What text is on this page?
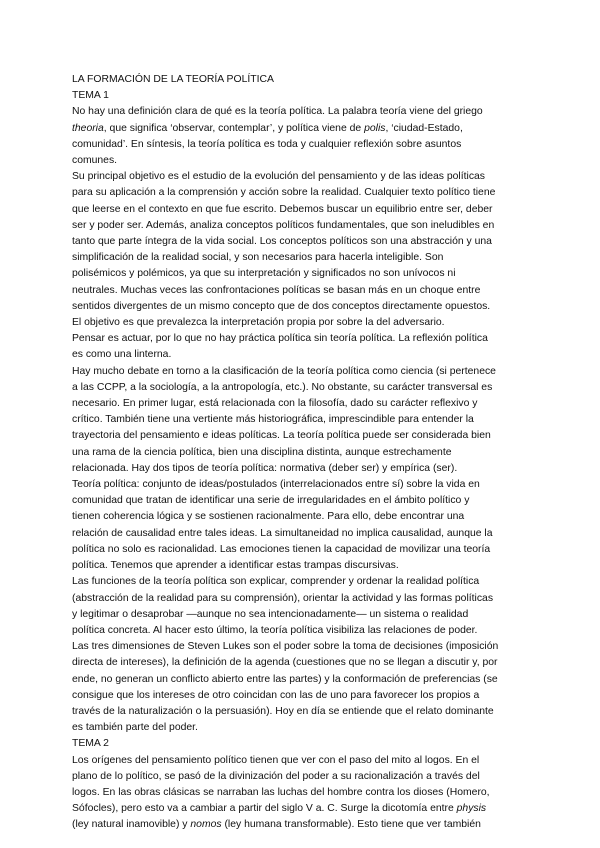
LA FORMACIÓN DE LA TEORÍA POLÍTICA
TEMA 1

No hay una definición clara de qué es la teoría política. La palabra teoría viene del griego
theoria, que significa ‘observar, contemplar’, y política viene de polis, ‘ciudad-Estado,
comunidad’. En síntesis, la teoría política es toda y cualquier reflexión sobre asuntos
comunes.

Su principal objetivo es el estudio de la evolución del pensamiento y de las ideas políticas
para su aplicación a la comprensión y acción sobre la realidad. Cualquier texto político tiene
que leerse en el contexto en que fue escrito. Debemos buscar un equilibrio entre ser, deber
ser y poder ser. Además, analiza conceptos políticos fundamentales, que son ineludibles en
tanto que parte íntegra de la vida social. Los conceptos políticos son una abstracción y una
simplificación de la realidad social, y son necesarios para hacerla inteligible. Son
polisémicos y polémicos, ya que su interpretación y significados no son unívocos ni
neutrales. Muchas veces las confrontaciones políticas se basan más en un choque entre
sentidos divergentes de un mismo concepto que de dos conceptos directamente opuestos.
El objetivo es que prevalezca la interpretación propia por sobre la del adversario.

Pensar es actuar, por lo que no hay práctica política sin teoría política. La reflexión política
es como una linterna.

Hay mucho debate en torno a la clasificación de la teoría política como ciencia (si pertenece
a las CCPP, a la sociología, a la antropología, etc.). No obstante, su carácter transversal es
necesario. En primer lugar, está relacionada con la filosofía, dado su carácter reflexivo y
crítico. También tiene una vertiente más historiográfica, imprescindible para entender la
trayectoria del pensamiento e ideas políticas. La teoría política puede ser considerada bien
una rama de la ciencia política, bien una disciplina distinta, aunque estrechamente
relacionada. Hay dos tipos de teoría política: normativa (deber ser) y empírica (ser).

Teoría política: conjunto de ideas/postulados (interrelacionados entre sí) sobre la vida en
comunidad que tratan de identificar una serie de irregularidades en el ámbito político y
tienen coherencia lógica y se sostienen racionalmente. Para ello, debe encontrar una
relación de causalidad entre tales ideas. La simultaneidad no implica causalidad, aunque la
política no solo es racionalidad. Las emociones tienen la capacidad de movilizar una teoría
política. Tenemos que aprender a identificar estas trampas discursivas.

Las funciones de la teoría política son explicar, comprender y ordenar la realidad política
(abstracción de la realidad para su comprensión), orientar la actividad y las formas políticas
y legitimar o desaprobar —aunque no sea intencionadamente— un sistema o realidad
política concreta. Al hacer esto último, la teoría política visibiliza las relaciones de poder.

Las tres dimensiones de Steven Lukes son el poder sobre la toma de decisiones (imposición
directa de intereses), la definición de la agenda (cuestiones que no se llegan a discutir y, por
ende, no generan un conflicto abierto entre las partes) y la conformación de preferencias (se
consigue que los intereses de otro coincidan con las de uno para favorecer los propios a
través de la naturalización o la persuasión). Hoy en día se entiende que el relato dominante
es también parte del poder.

TEMA 2

Los orígenes del pensamiento político tienen que ver con el paso del mito al logos. En el
plano de lo político, se pasó de la divinización del poder a su racionalización a través del
logos. En las obras clásicas se narraban las luchas del hombre contra los dioses (Homero,
Sófocles), pero esto va a cambiar a partir del siglo V a. C. Surge la dicotomía entre physis
(ley natural inamovible) y nomos (ley humana transformable). Esto tiene que ver también
